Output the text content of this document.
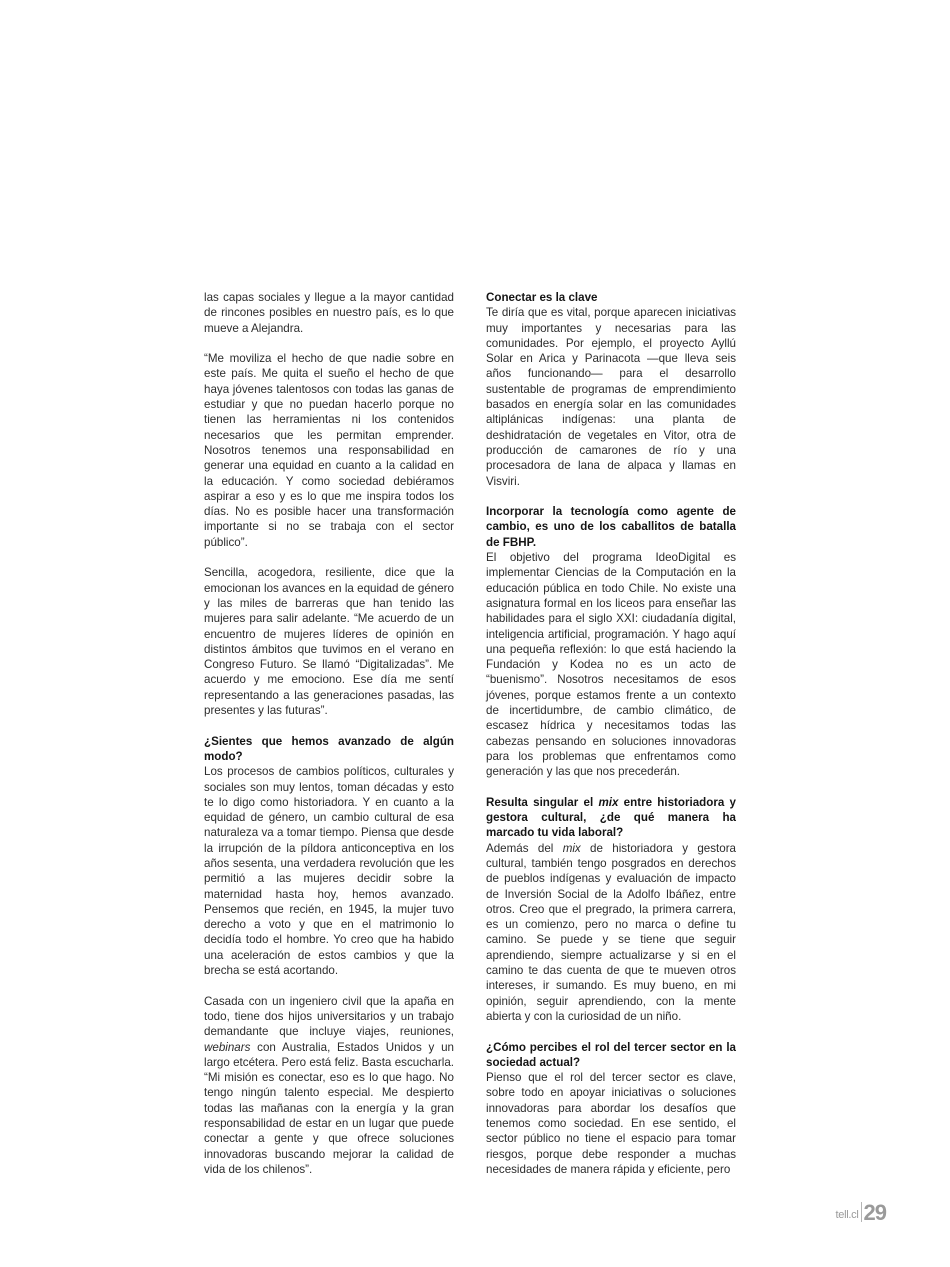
las capas sociales y llegue a la mayor cantidad de rincones posibles en nuestro país, es lo que mueve a Alejandra.

“Me moviliza el hecho de que nadie sobre en este país. Me quita el sueño el hecho de que haya jóvenes talentosos con todas las ganas de estudiar y que no puedan hacerlo porque no tienen las herramientas ni los contenidos necesarios que les permitan emprender. Nosotros tenemos una responsabilidad en generar una equidad en cuanto a la calidad en la educación. Y como sociedad debiéramos aspirar a eso y es lo que me inspira todos los días. No es posible hacer una transformación importante si no se trabaja con el sector público”.

Sencilla, acogedora, resiliente, dice que la emocionan los avances en la equidad de género y las miles de barreras que han tenido las mujeres para salir adelante. “Me acuerdo de un encuentro de mujeres líderes de opinión en distintos ámbitos que tuvimos en el verano en Congreso Futuro. Se llamó “Digitalizadas”. Me acuerdo y me emociono. Ese día me sentí representando a las generaciones pasadas, las presentes y las futuras”.

¿Sientes que hemos avanzado de algún modo?
Los procesos de cambios políticos, culturales y sociales son muy lentos, toman décadas y esto te lo digo como historiadora. Y en cuanto a la equidad de género, un cambio cultural de esa naturaleza va a tomar tiempo. Piensa que desde la irrupción de la píldora anticonceptiva en los años sesenta, una verdadera revolución que les permitió a las mujeres decidir sobre la maternidad hasta hoy, hemos avanzado. Pensemos que recién, en 1945, la mujer tuvo derecho a voto y que en el matrimonio lo decidía todo el hombre. Yo creo que ha habido una aceleración de estos cambios y que la brecha se está acortando.

Casada con un ingeniero civil que la apaña en todo, tiene dos hijos universitarios y un trabajo demandante que incluye viajes, reuniones, webinars con Australia, Estados Unidos y un largo etcétera. Pero está feliz. Basta escucharla. “Mi misión es conectar, eso es lo que hago. No tengo ningún talento especial. Me despierto todas las mañanas con la energía y la gran responsabilidad de estar en un lugar que puede conectar a gente y que ofrece soluciones innovadoras buscando mejorar la calidad de vida de los chilenos”.

Conectar es la clave
Te diría que es vital, porque aparecen iniciativas muy importantes y necesarias para las comunidades. Por ejemplo, el proyecto Ayllú Solar en Arica y Parinacota —que lleva seis años funcionando— para el desarrollo sustentable de programas de emprendimiento basados en energía solar en las comunidades altiplánicas indígenas: una planta de deshidratación de vegetales en Vitor, otra de producción de camarones de río y una procesadora de lana de alpaca y llamas en Visviri.

Incorporar la tecnología como agente de cambio, es uno de los caballitos de batalla de FBHP.
El objetivo del programa IdeoDigital es implementar Ciencias de la Computación en la educación pública en todo Chile. No existe una asignatura formal en los liceos para enseñar las habilidades para el siglo XXI: ciudadanía digital, inteligencia artificial, programación. Y hago aquí una pequeña reflexión: lo que está haciendo la Fundación y Kodea no es un acto de “buenismo”. Nosotros necesitamos de esos jóvenes, porque estamos frente a un contexto de incertidumbre, de cambio climático, de escasez hídrica y necesitamos todas las cabezas pensando en soluciones innovadoras para los problemas que enfrentamos como generación y las que nos precederán.

Resulta singular el mix entre historiadora y gestora cultural, ¿de qué manera ha marcado tu vida laboral?
Además del mix de historiadora y gestora cultural, también tengo posgrados en derechos de pueblos indígenas y evaluación de impacto de Inversión Social de la Adolfo Ibáñez, entre otros. Creo que el pregrado, la primera carrera, es un comienzo, pero no marca o define tu camino. Se puede y se tiene que seguir aprendiendo, siempre actualizarse y si en el camino te das cuenta de que te mueven otros intereses, ir sumando. Es muy bueno, en mi opinión, seguir aprendiendo, con la mente abierta y con la curiosidad de un niño.

¿Cómo percibes el rol del tercer sector en la sociedad actual?
Pienso que el rol del tercer sector es clave, sobre todo en apoyar iniciativas o soluciones innovadoras para abordar los desafíos que tenemos como sociedad. En ese sentido, el sector público no tiene el espacio para tomar riesgos, porque debe responder a muchas necesidades de manera rápida y eficiente, pero

tell.cl 29
